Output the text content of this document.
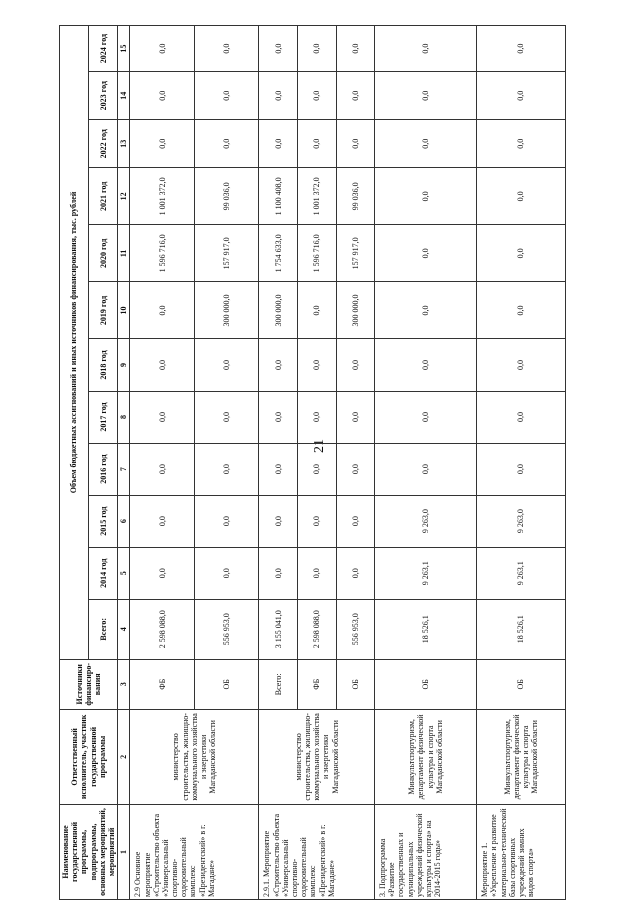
21
Наименование государственной программы, подпрограммы, основных мероприятий, мероприятий	Ответственный исполнитель, участник государственной программы	Источники финансиро- вания	Объем бюджетных ассигнований и иных источников финансирования, тыс. рублей											
			Всего:	2014 год	2015 год	2016 год	2017 год	2018 год	2019 год	2020 год	2021 год	2022 год	2023 год	2024 год
1	2	3	4	5	6	7	8	9	10	11	12	13	14	15
2.9 Основное мероприятие «Строительство объекта «Универсальный спортивно-оздоровительный комплекс «Президентский» в г. Магадане»	министерство строительства, жилищно-коммунального хозяйства и энергетики Магаданской области	ФБ	2 598 088,0	0,0	0,0	0,0	0,0	0,0	0,0	1 596 716,0	1 001 372,0	0,0	0,0	0,0
		ОБ	556 953,0	0,0	0,0	0,0	0,0	0,0	300 000,0	157 917,0	99 036,0	0,0	0,0	0,0
2.9.1. Мероприятие «Строительство объекта «Универсальный спортивно-оздоровительный комплекс «Президентский» в г. Магадане»	министерство строительства, жилищно-коммунального хозяйства и энергетики Магаданской области	Всего:	3 155 041,0	0,0	0,0	0,0	0,0	0,0	300 000,0	1 754 633,0	1 100 408,0	0,0	0,0	0,0
		ФБ	2 598 088,0	0,0	0,0	0,0	0,0	0,0	0,0	1 596 716,0	1 001 372,0	0,0	0,0	0,0
		ОБ	556 953,0	0,0	0,0	0,0	0,0	0,0	300 000,0	157 917,0	99 036,0	0,0	0,0	0,0
3. Подпрограмма «Развитие государственных и муниципальных учреждений физической культуры и спорта» на 2014-2015 годы»	Минкультспортуризм, департамент физической культуры и спорта Магаданской области	ОБ	18 526,1	9 263,1	9 263,0	0,0	0,0	0,0	0,0	0,0	0,0	0,0	0,0	0,0
Мероприятие 1. «Укрепление и развитие материально-технической базы спортивных учреждений зимних видов спорта»	Минкультспортуризм, департамент физической культуры и спорта Магаданской области	ОБ	18 526,1	9 263,1	9 263,0	0,0	0,0	0,0	0,0	0,0	0,0	0,0	0,0	0,0
